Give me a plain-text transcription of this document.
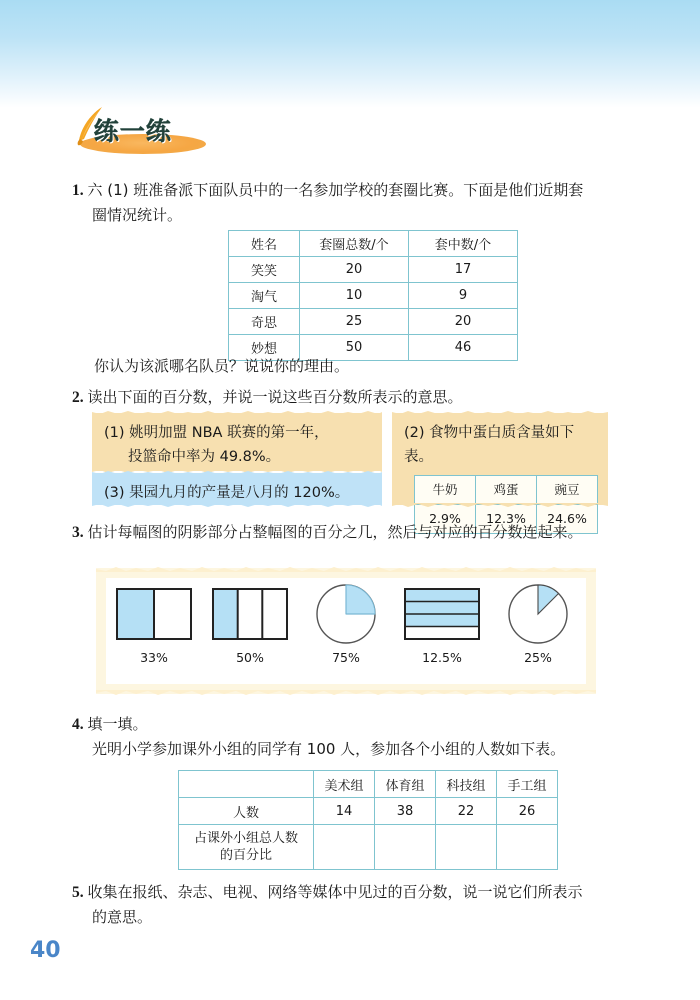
练一练
1. 六 (1) 班准备派下面队员中的一名参加学校的套圈比赛。下面是他们近期套
圈情况统计。
姓名	套圈总数/个	套中数/个
笑笑	20	17
淘气	10	9
奇思	25	20
妙想	50	46
你认为该派哪名队员？说说你的理由。
2. 读出下面的百分数，并说一说这些百分数所表示的意思。
(1) 姚明加盟 NBA 联赛的第一年，
投篮命中率为 49.8%。
(3) 果园九月的产量是八月的 120%。
(2) 食物中蛋白质含量如下表。
牛奶	鸡蛋	豌豆
2.9%	12.3%	24.6%
3. 估计每幅图的阴影部分占整幅图的百分之几，然后与对应的百分数连起来。
33%	50%	75%	12.5%	25%
4. 填一填。
光明小学参加课外小组的同学有 100 人，参加各个小组的人数如下表。
	美术组	体育组	科技组	手工组
人数	14	38	22	26
占课外小组总人数
的百分比				
5. 收集在报纸、杂志、电视、网络等媒体中见过的百分数，说一说它们所表示
的意思。
40
